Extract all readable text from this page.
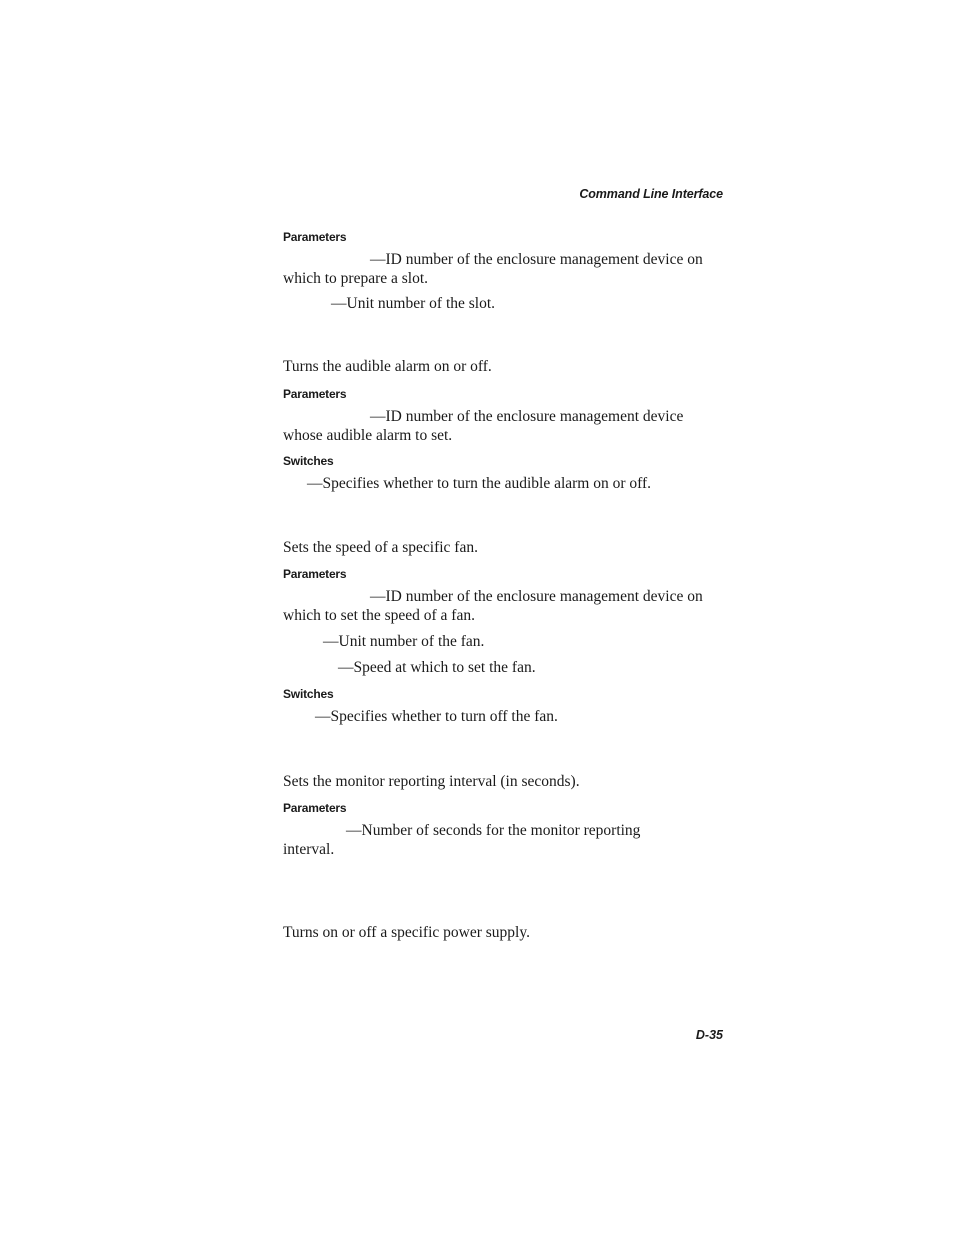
Command Line Interface
Parameters

—ID number of the enclosure management device on which to prepare a slot.

—Unit number of the slot.

Turns the audible alarm on or off.

Parameters

—ID number of the enclosure management device whose audible alarm to set.

Switches

—Specifies whether to turn the audible alarm on or off.

Sets the speed of a specific fan.

Parameters

—ID number of the enclosure management device on which to set the speed of a fan.

—Unit number of the fan.

—Speed at which to set the fan.

Switches

—Specifies whether to turn off the fan.

Sets the monitor reporting interval (in seconds).

Parameters

—Number of seconds for the monitor reporting interval.

Turns on or off a specific power supply.

D-35
